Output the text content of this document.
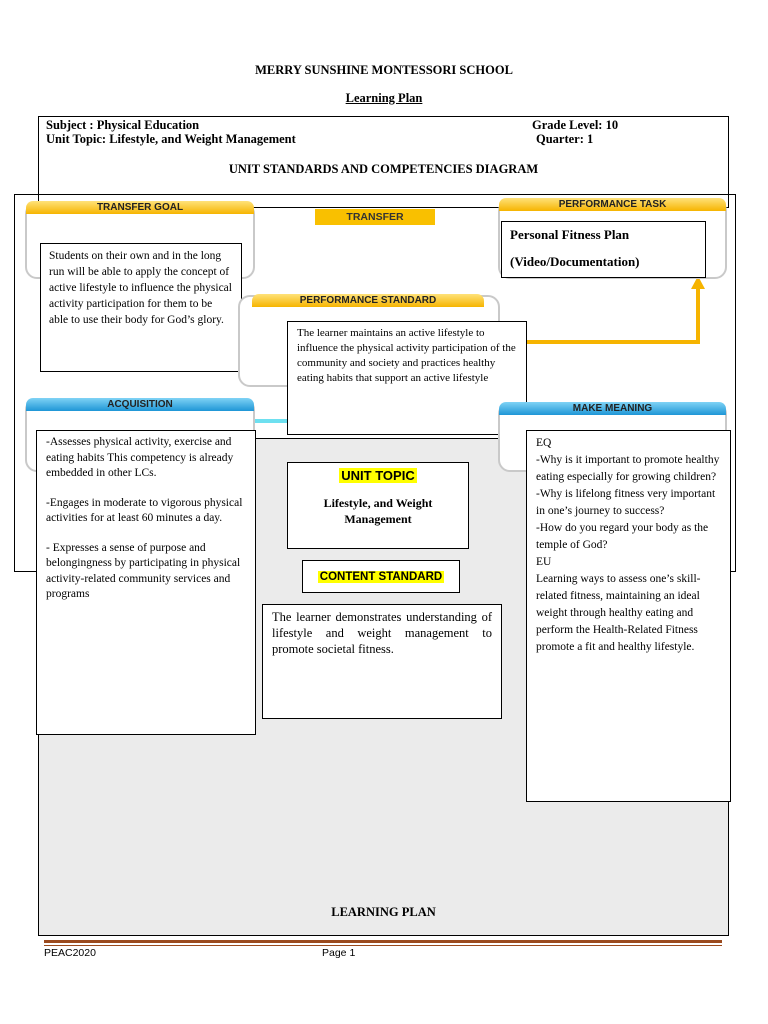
MERRY SUNSHINE MONTESSORI SCHOOL
Learning Plan
Subject : Physical Education
Unit Topic: Lifestyle, and Weight Management
Grade Level: 10
Quarter: 1
UNIT STANDARDS AND COMPETENCIES DIAGRAM
TRANSFER GOAL
Students on their own and in the long run will be able to apply the concept of active lifestyle to influence the physical activity participation for them to be able to use their body for God’s glory.
TRANSFER
PERFORMANCE TASK
Personal Fitness Plan
(Video/Documentation)
PERFORMANCE STANDARD
The learner maintains an active lifestyle to influence the physical activity participation of the community and society and practices healthy eating habits that support an active lifestyle
ACQUISITION
-Assesses physical activity, exercise and eating habits This competency is already embedded in other LCs.
-Engages in moderate to vigorous physical activities for at least 60 minutes a day.
- Expresses a sense of purpose and belongingness by participating in physical activity-related community services and programs
MAKE MEANING
EQ
-Why is it important to promote healthy eating especially for growing children?
-Why is lifelong fitness very important in one’s journey to success?
-How do you regard your body as the temple of God?
EU
Learning ways to assess one’s skill-related fitness, maintaining an ideal weight through healthy eating and perform the Health-Related Fitness promote a fit and healthy lifestyle.
UNIT TOPIC
Lifestyle, and Weight Management
CONTENT STANDARD
The learner demonstrates understanding of lifestyle and weight management to promote societal fitness.
LEARNING PLAN
PEAC2020	Page 1
